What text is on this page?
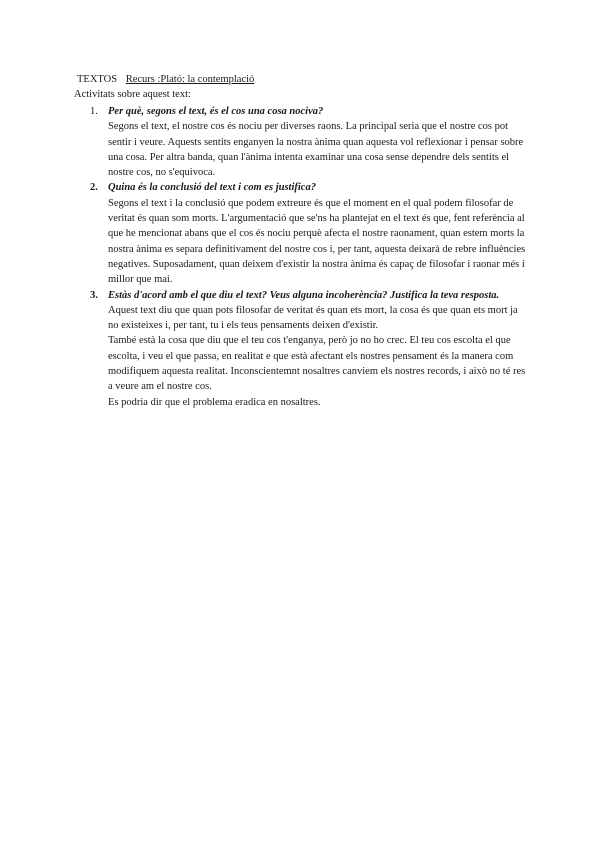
TEXTOS Recurs :Plató: la contemplació
Activitats sobre aquest text:
1. Per què, segons el text, és el cos una cosa nociva?
Segons el text, el nostre cos és nociu per diverses raons. La principal seria que el nostre cos pot sentir i veure. Aquests sentits enganyen la nostra ànima quan aquesta vol reflexionar i pensar sobre una cosa. Per altra banda, quan l'ànima intenta examinar una cosa sense dependre dels sentits el nostre cos, no s'equivoca.
2. Quina és la conclusió del text i com es justifica?
Segons el text i la conclusió que podem extreure és que el moment en el qual podem filosofar de veritat és quan som morts. L'argumentació que se'ns ha plantejat en el text és que, fent referència al que he mencionat abans que el cos és nociu perquè afecta el nostre raonament, quan estem morts la nostra ànima es separa definitivament del nostre cos i, per tant, aquesta deixarà de rebre influències negatives. Suposadament, quan deixem d'existir la nostra ànima és capaç de filosofar i raonar més i millor que mai.
3. Estàs d'acord amb el que diu el text? Veus alguna incoherència? Justifica la teva resposta.
Aquest text diu que quan pots filosofar de veritat és quan ets mort, la cosa és que quan ets mort ja no existeixes i, per tant, tu i els teus pensaments deixen d'existir.
També està la cosa que diu que el teu cos t'enganya, però jo no ho crec. El teu cos escolta el que escolta, i veu el que passa, en realitat e que està afectant els nostres pensament és la manera com modifiquem aquesta realitat. Inconscientemnt nosaltres canviem els nostres records, i això no té res a veure am el nostre cos.
Es podria dir que el problema eradica en nosaltres.
